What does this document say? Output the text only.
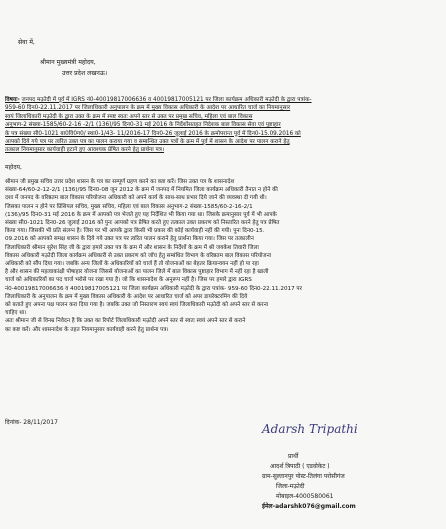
सेवा में,
श्रीमान मुख्यमंत्री महोदय,
उत्तर प्रदेश लखनऊ।
विषयः- जनपद मऊ़ोदी में पूर्व में IGRS नं0-40019817006636 व 40019817005121 पर जिला कार्यक्रम अधिकारी मऊ़ोदी के द्वारा पत्रांक-
959-60 दिन0-22.11.2017 पर जिलाधिकारी अनुपालन के क्रम में मुख्य विकास अधिकारी के आदेश पर आधारित चार्ज का नियमानुसार
स्वयं जिलाधिकारी मऊ़ोदी के द्वारा उक्त के क्रम में स्पष्ट स्वतः अपने स्तर से उक्त पर प्रमुख सचिव, महिला एवं बाल विकास
अनुभाग-2 संख्या-1585/60-2-16 -2/1 (136)/95 दिन0-31 मई 2016 के निर्देशोंसतहत निदेशक बाल विकास सेवा एवं पुष्टाहार
के पत्र संख्या सी0-1021 बा0वि0ग0/ स्था0-1/43- 11/2016-17 दिन0-26 जुलाई 2016 के क्रमोपरान्त पूर्व में दिन0-15.09.2016 को
आपको दिये गये पत्र पर त्वरित उक्त पत्र का पालन कराया गया व सम्बन्धित उक्त पत्रों के क्रम में पूर्व में शासन के आदेश पर पालन कराने हेतु
तत्काल नियमानुसार कार्यवाही हटाने हुए आवश्यक प्रेषित करने हेतु प्रार्थना पत्र।
महोदय,
श्रीमान जी प्रमुख सचिव उत्तर प्रदेश शासन के पत्र का सम्पूर्ण ग्रहण करने का कष्ट करें। जिस उक्त पत्र के शासनादेश
संख्या-64/60-2-12-2/1 (136)/95 दिन0-08 जून 2012 के क्रम में जनपद में नियमित जिला कार्यक्रम अधिकारी तैनात न होने की
दशा में जनपद के वरिष्ठतम बाल विकास परियोजना अधिकारी को अपने कार्य के साथ-साथ प्रभार दिये जाने की व्यवस्था दी गयी थी।
जिसका पालन न होने पर प्रिंसिपल सचिव, मुख्य सचिव, महिला एवं बाल विकास अनुभाग-2 संख्या-1585/60-2-16-2/1
(136)/95 दिन0-31 मई 2016 के क्रम में आपको पत्र भेजते हुए यह निर्देशित भी किया गया था। जिसके क्रमानुसार पूर्व में भी आपके
संख्या सी0-1021 दिन0-26 जुलाई 2016 को पुनः आपको पत्र प्रेषित करते हुए तत्काल उक्त प्रकरण को निस्तारित करने हेतु पत्र प्रेषित
किया गया। जिसकी भी प्रति संलग्न है। जिस पर भी आपके द्वारा किसी भी प्रकार की कोई कार्यवाही नहीं की गयी। पुनः दिन0-15.
09.2016 को आपको समक्ष शासन के दिये गये उक्त पत्र पर त्वरित पालन कराने हेतु प्रार्थना किया गया। जिस पर तत्कालीन
जिलाधिकारी श्रीमान सुरेश सिंह जी के द्वारा हमारे उक्त पत्र के क्रम में और शासन के निर्देशों के क्रम में श्री जयकेश तिवारी जिला
विकास अधिकारी मऊ़ोदी जिला कार्यक्रम अधिकारी से उक्त प्रकरण को जाँच हेतु सम्बंधित विभाग के वरिष्ठतम बाल विकास परियोजना
अधिकारी को सौंप दिया गया। जबकि अन्य जिलों के अधिकारियों को चार्ज हैं तो योजनाओं का बेहतर क्रियान्वयन नहीं हो पा रहा
है और शासन की महत्वाकांक्षी पोषाहार योजना जिससे योजनाओं का पालन जिले में बाल विकास पुष्टाहार विभाग में नहीं रहा है खाली
चार्ज को अधिकारियों का पद चार्ज भरोसे पर रखा गया है। जो कि शासनादेश के अनुरूप नहीं है। जिस पर हमारे द्वारा IGRS
नं0-40019817006636 व 40019817005121 पर जिला कार्यक्रम अधिकारी मऊ़ोदी के द्वारा पत्रांक- 959-60 दिन0-22.11.2017 पर
जिलाधिकारी के अनुपालन के क्रम में मुख्य विकास अधिकारी के आदेश पर आधारित चार्ज को अपर डायरेक्टरमिंग की दिये
को बताते हुए अपना पक्ष पालन करा दिया गया है। जबकि उक्त जो निस्तारण स्वयं स्वयं जिलाधिकारी मऊ़ोदी को अपने स्तर से करना
चाहिए था।
अतः श्रीमान जी से विनम्र निवेदन है कि उक्त का रिपोर्ट जिलाधिकारी मऊ़ोदी अपने स्तर से स्वतः स्वयं अपने स्तर से कराने
का कष्ट करें। और शासनादेश के तहत नियमानुसार कार्यवाही करने हेतु प्रार्थना पत्र।
दिनांक- 28/11/2017	Adarsh Tripathi
प्रार्थी
आदर्श त्रिपाठी ( एडवोकेट )
ग्राम-सुल्तानपुर पोस्ट-तिलंगा परोसीगंज
जिला-मऊ़ोदी
मोबाइल-4000580061
ईमेल-adarshk076@gmail.com
